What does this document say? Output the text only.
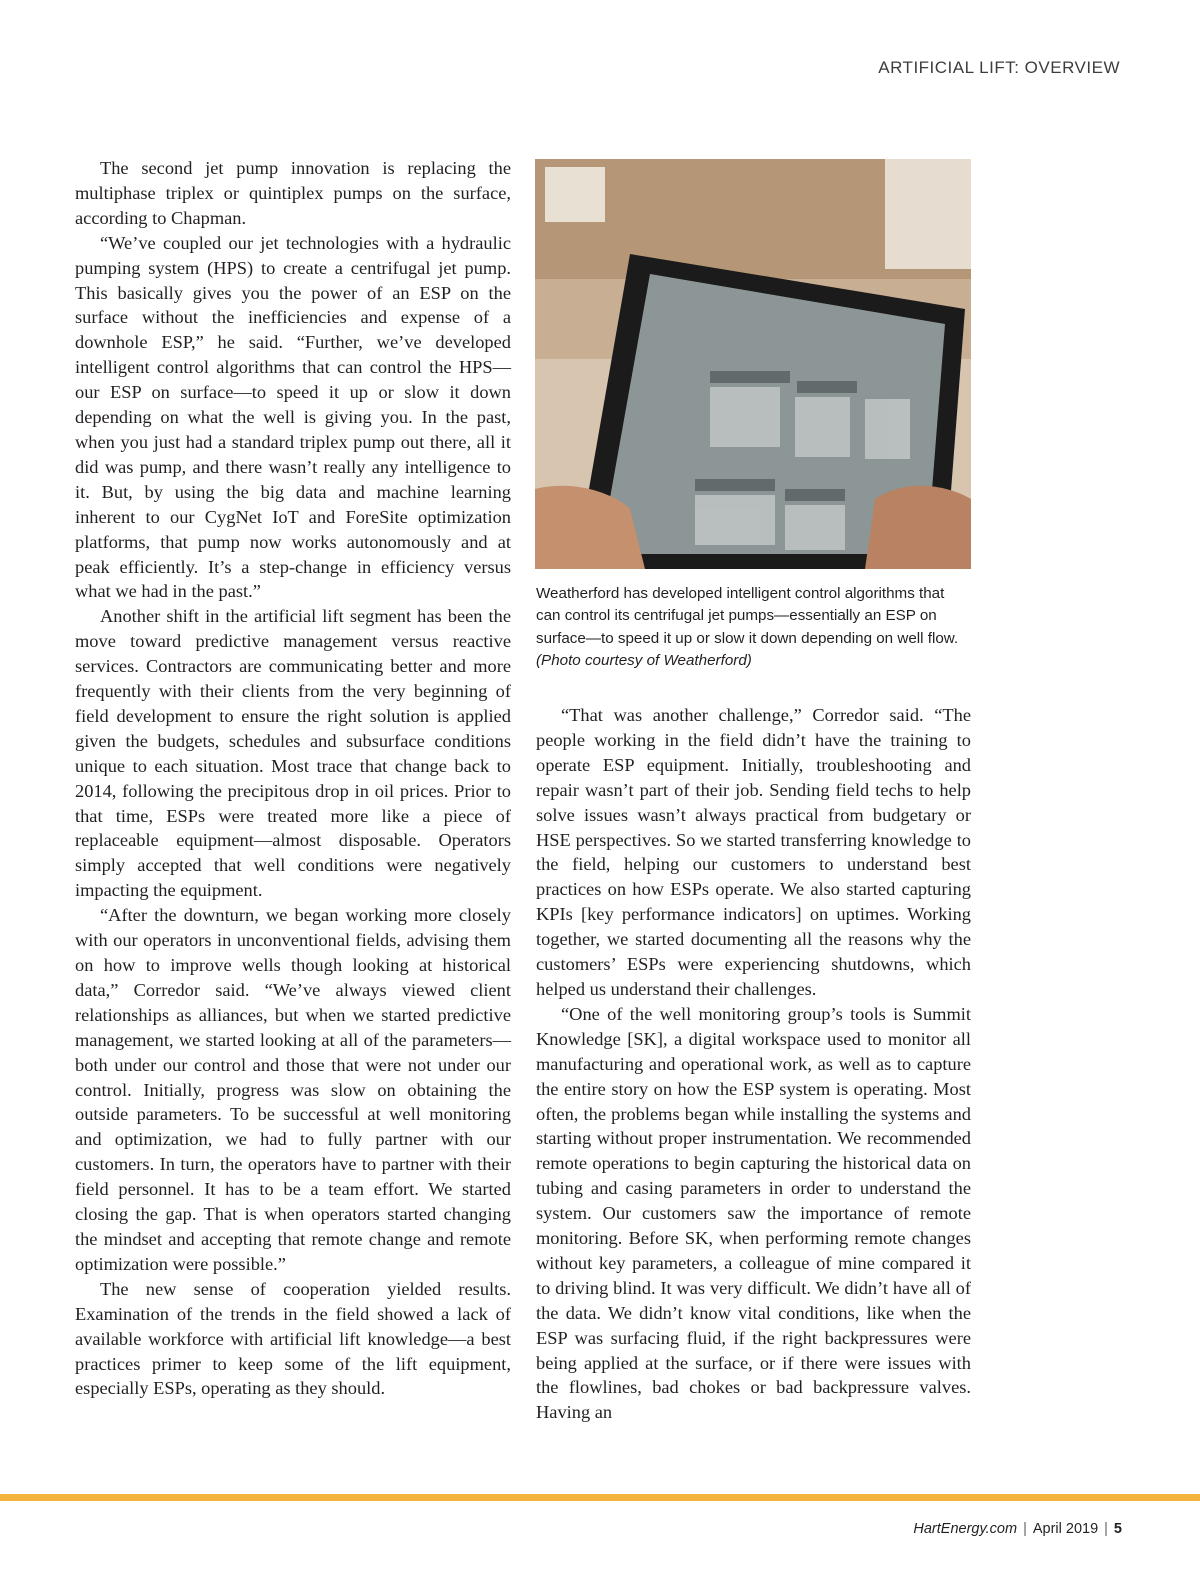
ARTIFICIAL LIFT: OVERVIEW

The second jet pump innovation is replacing the multiphase triplex or quintiplex pumps on the surface, according to Chapman.

“We’ve coupled our jet technologies with a hydraulic pumping system (HPS) to create a centrifugal jet pump. This basically gives you the power of an ESP on the surface without the inefficiencies and expense of a downhole ESP,” he said. “Further, we’ve developed intelligent control algorithms that can control the HPS—our ESP on surface—to speed it up or slow it down depending on what the well is giving you. In the past, when you just had a standard triplex pump out there, all it did was pump, and there wasn’t really any intelligence to it. But, by using the big data and machine learning inherent to our CygNet IoT and ForeSite optimization platforms, that pump now works autonomously and at peak efficiently. It’s a step-change in efficiency versus what we had in the past.”

Another shift in the artificial lift segment has been the move toward predictive management versus reactive services. Contractors are communicating better and more frequently with their clients from the very beginning of field development to ensure the right solution is applied given the budgets, schedules and subsurface conditions unique to each situation. Most trace that change back to 2014, following the precipitous drop in oil prices. Prior to that time, ESPs were treated more like a piece of replaceable equipment—almost disposable. Operators simply accepted that well conditions were negatively impacting the equipment.

“After the downturn, we began working more closely with our operators in unconventional fields, advising them on how to improve wells though looking at historical data,” Corredor said. “We’ve always viewed client relationships as alliances, but when we started predictive management, we started looking at all of the parameters—both under our control and those that were not under our control. Initially, progress was slow on obtaining the outside parameters. To be successful at well monitoring and optimization, we had to fully partner with our customers. In turn, the operators have to partner with their field personnel. It has to be a team effort. We started closing the gap. That is when operators started changing the mindset and accepting that remote change and remote optimization were possible.”

The new sense of cooperation yielded results. Examination of the trends in the field showed a lack of available workforce with artificial lift knowledge—a best practices primer to keep some of the lift equipment, especially ESPs, operating as they should.

Weatherford has developed intelligent control algorithms that can control its centrifugal jet pumps—essentially an ESP on surface—to speed it up or slow it down depending on well flow. (Photo courtesy of Weatherford)

“That was another challenge,” Corredor said. “The people working in the field didn’t have the training to operate ESP equipment. Initially, troubleshooting and repair wasn’t part of their job. Sending field techs to help solve issues wasn’t always practical from budgetary or HSE perspectives. So we started transferring knowledge to the field, helping our customers to understand best practices on how ESPs operate. We also started capturing KPIs [key performance indicators] on uptimes. Working together, we started documenting all the reasons why the customers’ ESPs were experiencing shutdowns, which helped us understand their challenges.

“One of the well monitoring group’s tools is Summit Knowledge [SK], a digital workspace used to monitor all manufacturing and operational work, as well as to capture the entire story on how the ESP system is operating. Most often, the problems began while installing the systems and starting without proper instrumentation. We recommended remote operations to begin capturing the historical data on tubing and casing parameters in order to understand the system. Our customers saw the importance of remote monitoring. Before SK, when performing remote changes without key parameters, a colleague of mine compared it to driving blind. It was very difficult. We didn’t have all of the data. We didn’t know vital conditions, like when the ESP was surfacing fluid, if the right backpressures were being applied at the surface, or if there were issues with the flowlines, bad chokes or bad backpressure valves. Having an

HartEnergy.com | April 2019 | 5
